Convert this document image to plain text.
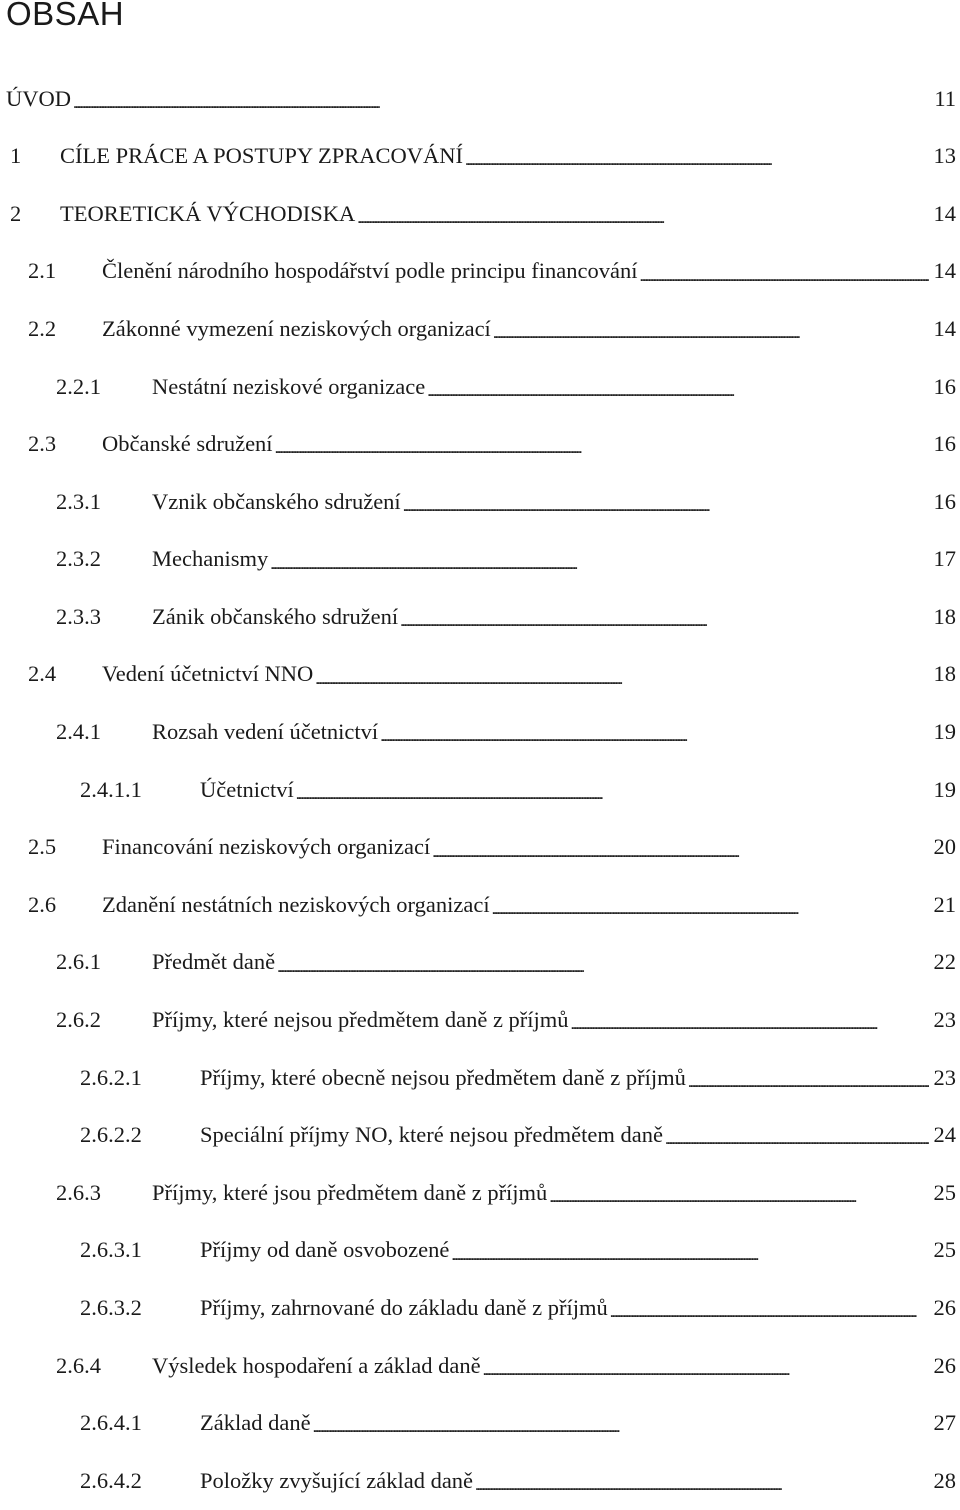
OBSAH
ÚVOD . . .	11
1	CÍLE PRÁCE A POSTUPY ZPRACOVÁNÍ . . .	13
2	TEORETICKÁ VÝCHODISKA . . .	14
2.1	Členění národního hospodářství podle principu financování . . .	14
2.2	Zákonné vymezení neziskových organizací . . .	14
2.2.1	Nestátní neziskové organizace . . .	16
2.3	Občanské sdružení . . .	16
2.3.1	Vznik občanského sdružení . . .	16
2.3.2	Mechanismy . . .	17
2.3.3	Zánik občanského sdružení . . .	18
2.4	Vedení účetnictví NNO . . .	18
2.4.1	Rozsah vedení účetnictví . . .	19
2.4.1.1	Účetnictví . . .	19
2.5	Financování neziskových organizací . . .	20
2.6	Zdanění nestátních neziskových organizací . . .	21
2.6.1	Předmět daně . . .	22
2.6.2	Příjmy, které nejsou předmětem daně z příjmů . . .	23
2.6.2.1	Příjmy, které obecně nejsou předmětem daně z příjmů . . .	23
2.6.2.2	Speciální příjmy NO, které nejsou předmětem daně . . .	24
2.6.3	Příjmy, které jsou předmětem daně z příjmů . . .	25
2.6.3.1	Příjmy od daně osvobozené . . .	25
2.6.3.2	Příjmy, zahrnované do základu daně z příjmů . . .	26
2.6.4	Výsledek hospodaření a základ daně . . .	26
2.6.4.1	Základ daně . . .	27
2.6.4.2	Položky zvyšující základ daně . . .	28
